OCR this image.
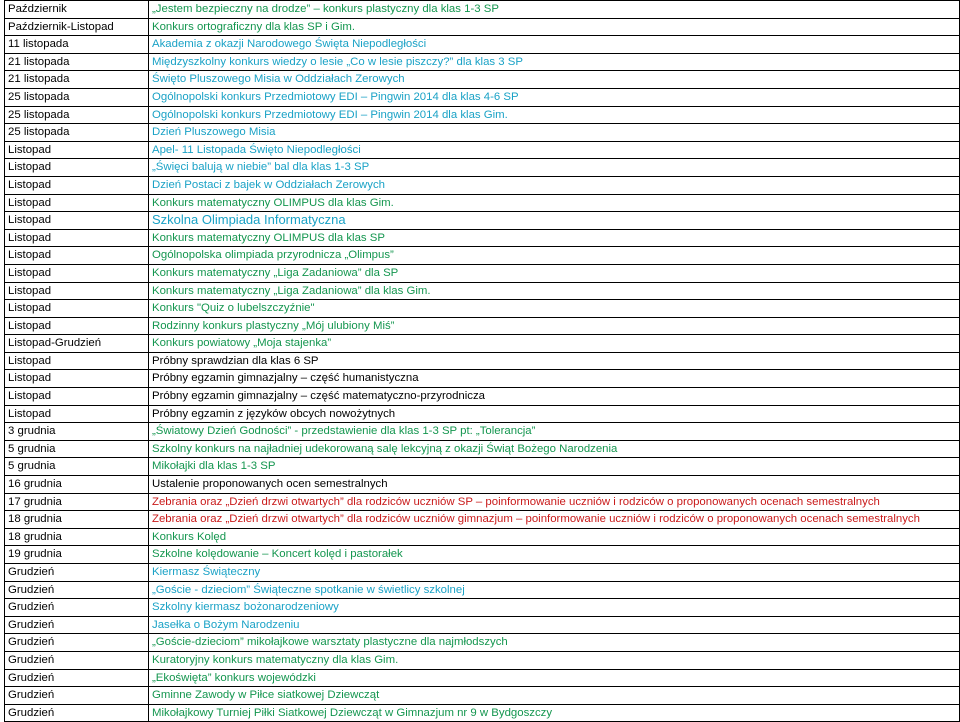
Październik	„Jestem bezpieczny na drodze” – konkurs plastyczny dla klas 1-3 SP
Październik-Listopad	Konkurs ortograficzny dla klas SP i Gim.
11 listopada	Akademia z okazji Narodowego Święta Niepodległości
21 listopada	Międzyszkolny konkurs wiedzy o lesie „Co w lesie piszczy?” dla klas 3 SP
21 listopada	Święto Pluszowego Misia w Oddziałach Zerowych
25 listopada	Ogólnopolski konkurs Przedmiotowy EDI – Pingwin 2014 dla klas 4-6 SP
25 listopada	Ogólnopolski konkurs Przedmiotowy EDI – Pingwin 2014 dla klas Gim.
25 listopada	Dzień Pluszowego Misia
Listopad	Apel- 11 Listopada Święto Niepodległości
Listopad	„Święci balują w niebie” bal dla klas 1-3 SP
Listopad	Dzień Postaci z bajek w Oddziałach Zerowych
Listopad	Konkurs matematyczny OLIMPUS dla klas Gim.
Listopad	Szkolna Olimpiada Informatyczna
Listopad	Konkurs matematyczny OLIMPUS dla klas SP
Listopad	Ogólnopolska olimpiada przyrodnicza „Olimpus”
Listopad	Konkurs matematyczny „Liga Zadaniowa” dla SP
Listopad	Konkurs matematyczny „Liga Zadaniowa” dla klas Gim.
Listopad	Konkurs "Quiz o lubelszczyźnie"
Listopad	Rodzinny konkurs plastyczny „Mój ulubiony Miś”
Listopad-Grudzień	Konkurs powiatowy „Moja stajenka”
Listopad	Próbny sprawdzian dla klas 6 SP
Listopad	Próbny egzamin gimnazjalny – część humanistyczna
Listopad	Próbny egzamin gimnazjalny – część matematyczno-przyrodnicza
Listopad	Próbny egzamin z języków obcych nowożytnych
3 grudnia	„Światowy Dzień Godności” - przedstawienie dla klas 1-3 SP pt: „Tolerancja”
5 grudnia	Szkolny konkurs na najładniej udekorowaną salę lekcyjną z okazji Świąt Bożego Narodzenia
5 grudnia	Mikołajki dla klas 1-3 SP
16 grudnia	Ustalenie proponowanych ocen semestralnych
17 grudnia	Zebrania oraz „Dzień drzwi otwartych” dla rodziców uczniów SP – poinformowanie uczniów i rodziców o proponowanych ocenach semestralnych
18 grudnia	Zebrania oraz „Dzień drzwi otwartych” dla rodziców uczniów gimnazjum – poinformowanie uczniów i rodziców o proponowanych ocenach semestralnych
18 grudnia	Konkurs Kolęd
19 grudnia	Szkolne kolędowanie – Koncert kolęd i pastorałek
Grudzień	Kiermasz Świąteczny
Grudzień	„Goście - dzieciom” Świąteczne spotkanie w świetlicy szkolnej
Grudzień	Szkolny kiermasz bożonarodzeniowy
Grudzień	Jasełka o Bożym Narodzeniu
Grudzień	„Goście-dzieciom” mikołajkowe warsztaty plastyczne dla najmłodszych
Grudzień	Kuratoryjny konkurs matematyczny dla klas Gim.
Grudzień	„Ekoświęta” konkurs wojewódzki
Grudzień	Gminne Zawody w Piłce siatkowej Dziewcząt
Grudzień	Mikołajkowy Turniej Piłki Siatkowej Dziewcząt w Gimnazjum nr 9 w Bydgoszczy
